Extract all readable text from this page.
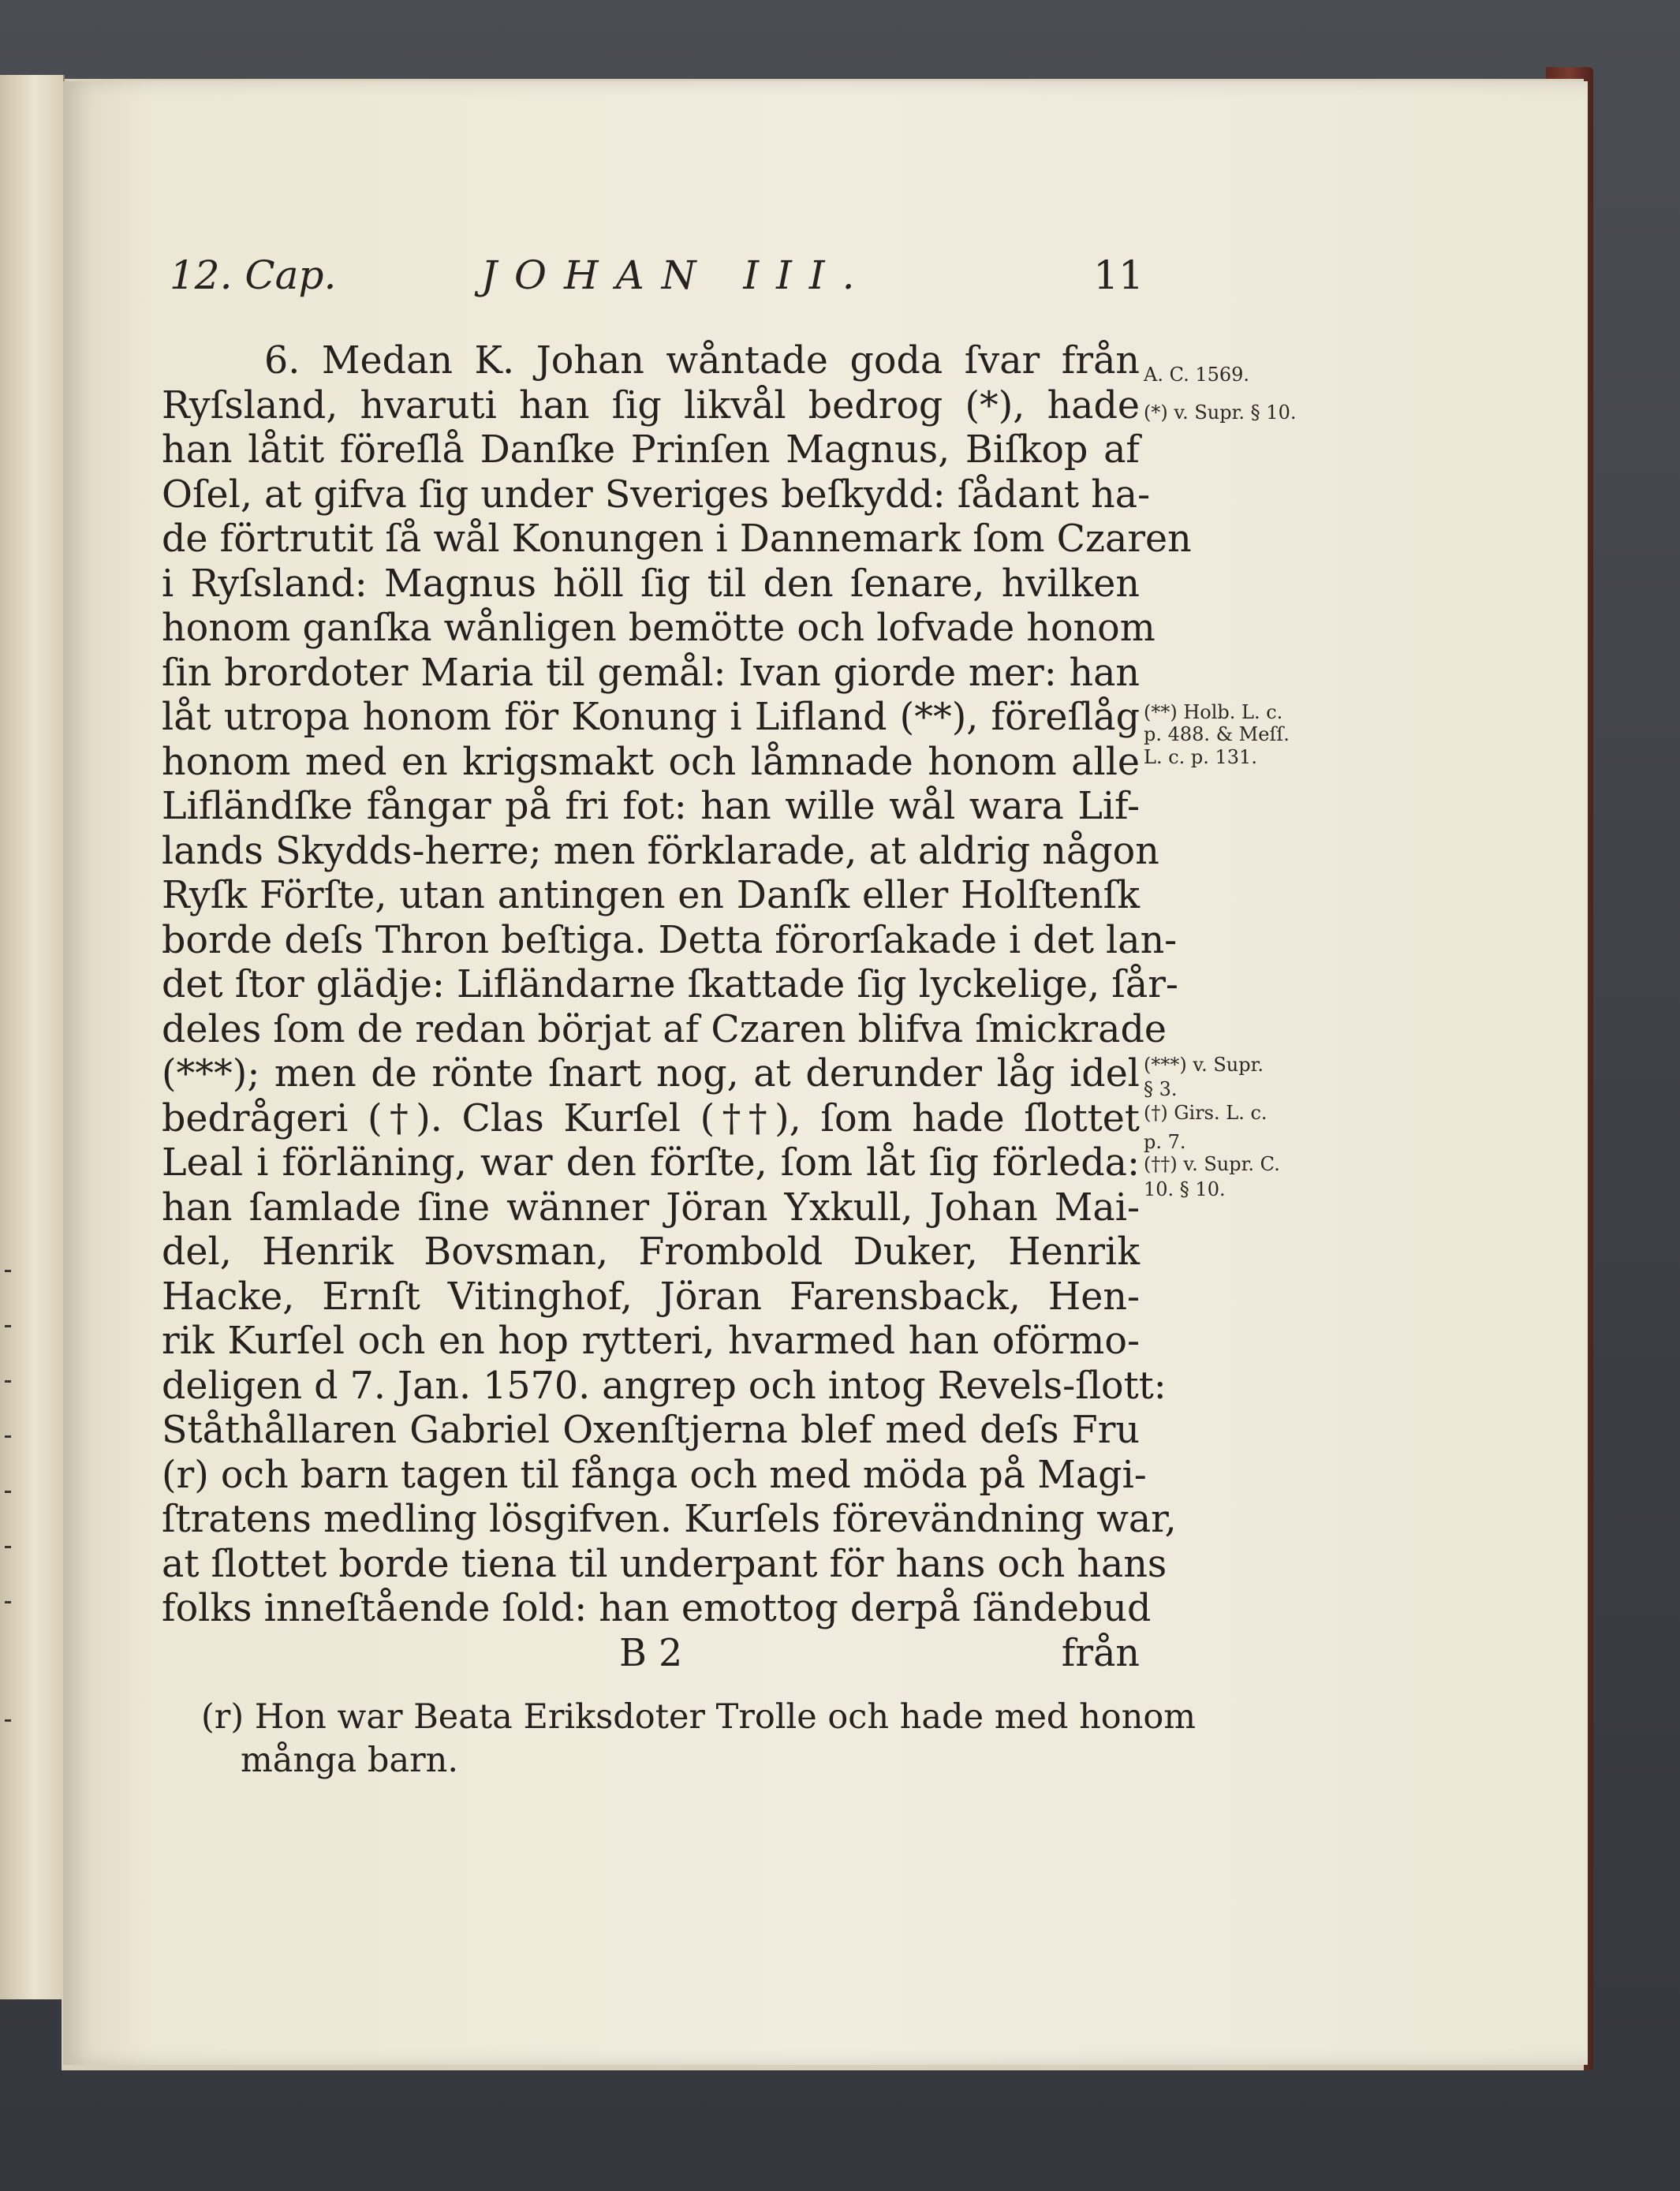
12. Cap.	JOHAN III.	11
6. Medan K. Johan wåntade goda ſvar från
Ryſsland, hvaruti han ſig likvål bedrog (*), hade
han låtit föreſlå Danſke Prinſen Magnus, Biſkop af
Oſel, at gifva ſig under Sveriges beſkydd: ſådant ha-
de förtrutit ſå wål Konungen i Dannemark ſom Czaren
i Ryſsland: Magnus höll ſig til den ſenare, hvilken
honom ganſka wånligen bemötte och lofvade honom
ſin brordoter Maria til gemål: Ivan giorde mer: han
låt utropa honom för Konung i Lifland (**), föreſlåg
honom med en krigsmakt och låmnade honom alle
Lifländſke fångar på fri fot: han wille wål wara Lif-
lands Skydds-herre; men förklarade, at aldrig någon
Ryſk Förſte, utan antingen en Danſk eller Holſtenſk
borde deſs Thron beſtiga. Detta förorſakade i det lan-
det ſtor glädje: Lifländarne ſkattade ſig lyckelige, ſår-
deles ſom de redan börjat af Czaren blifva ſmickrade
(***); men de rönte ſnart nog, at derunder låg idel
bedrågeri (†). Clas Kurſel (††), ſom hade ſlottet
Leal i förläning, war den förſte, ſom låt ſig förleda:
han ſamlade ſine wänner Jöran Yxkull, Johan Mai-
del, Henrik Bovsman, Frombold Duker, Henrik
Hacke, Ernſt Vitinghof, Jöran Farensback, Hen-
rik Kurſel och en hop rytteri, hvarmed han oförmo-
deligen d 7. Jan. 1570. angrep och intog Revels-ſlott:
Ståthållaren Gabriel Oxenſtjerna blef med deſs Fru
(r) och barn tagen til fånga och med möda på Magi-
ſtratens medling lösgifven. Kurſels förevändning war,
at ſlottet borde tiena til underpant för hans och hans
folks inneſtående ſold: han emottog derpå ſändebud
B 2	från
A. C. 1569.
(*) v. Supr. § 10.
(**) Holb. L. c.
p. 488. & Meſſ.
L. c. p. 131.
(***) v. Supr.
§ 3.
(†) Girs. L. c.
p. 7.
(††) v. Supr. C.
10. § 10.
(r) Hon war Beata Eriksdoter Trolle och hade med honom
många barn.
